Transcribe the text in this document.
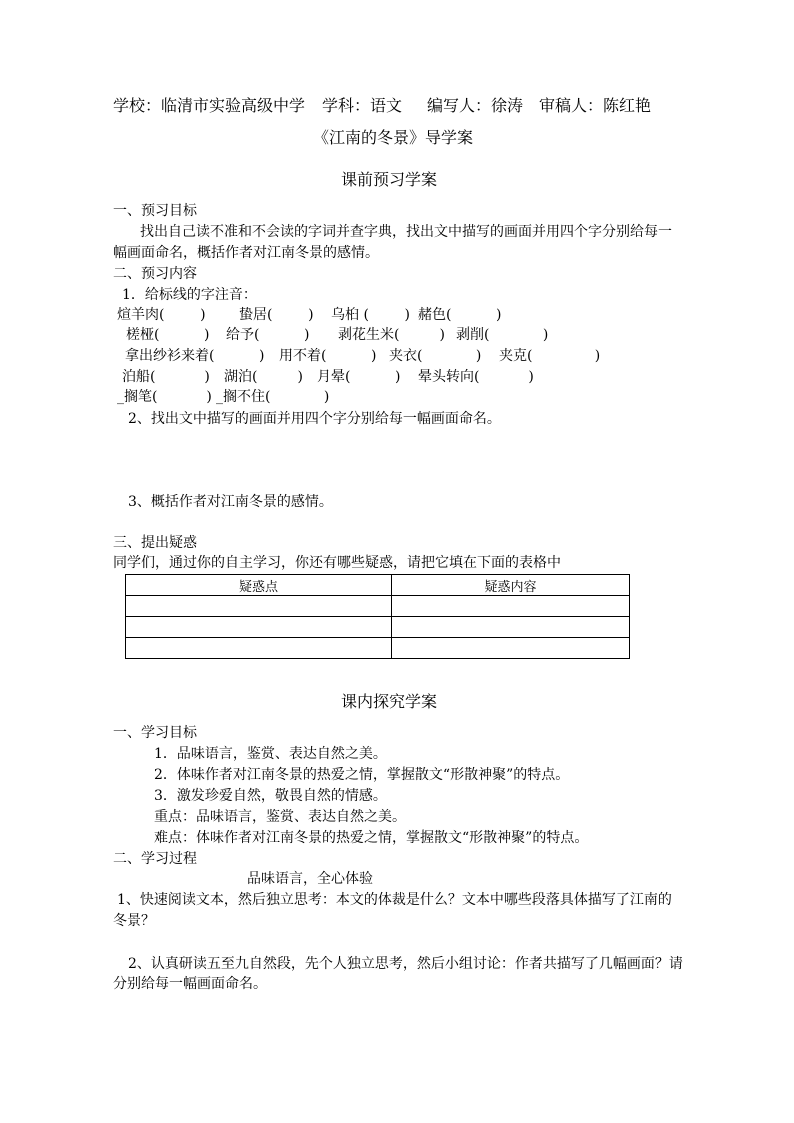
学校：临清市实验高级中学 学科：语文 编写人：徐涛 审稿人：陈红艳
《江南的冬景》导学案
课前预习学案
一、预习目标
找出自己读不准和不会读的字词并查字典，找出文中描写的画面并用四个字分别给每一
幅画面命名，概括作者对江南冬景的感情。
二、预习内容
1．给标线的字注音：
煊羊肉(        ) 蛰居(        ) 乌桕 (        ) 赭色(          )
槎桠(          ) 给予(          ) 剥花生米(         ) 剥削(            )
拿出纱衫来着(          ) 用不着(          ) 夹衣(            ) 夹克(              )
泊船(           ) 湖泊(         ) 月晕(          ) 晕头转向(           )
_搁笔(           ) _搁不住(            )
2、找出文中描写的画面并用四个字分别给每一幅画面命名。
3、概括作者对江南冬景的感情。
三、提出疑惑
同学们，通过你的自主学习，你还有哪些疑惑，请把它填在下面的表格中
疑惑点	疑惑内容

课内探究学案
一、学习目标
1．品味语言，鉴赏、表达自然之美。
2．体味作者对江南冬景的热爱之情，掌握散文“形散神聚”的特点。
3．激发珍爱自然，敬畏自然的情感。
重点：品味语言，鉴赏、表达自然之美。
难点：体味作者对江南冬景的热爱之情，掌握散文“形散神聚”的特点。
二、学习过程
品味语言，全心体验
1、快速阅读文本，然后独立思考：本文的体裁是什么？文本中哪些段落具体描写了江南的
冬景？
2、认真研读五至九自然段，先个人独立思考，然后小组讨论：作者共描写了几幅画面？请
分别给每一幅画面命名。
